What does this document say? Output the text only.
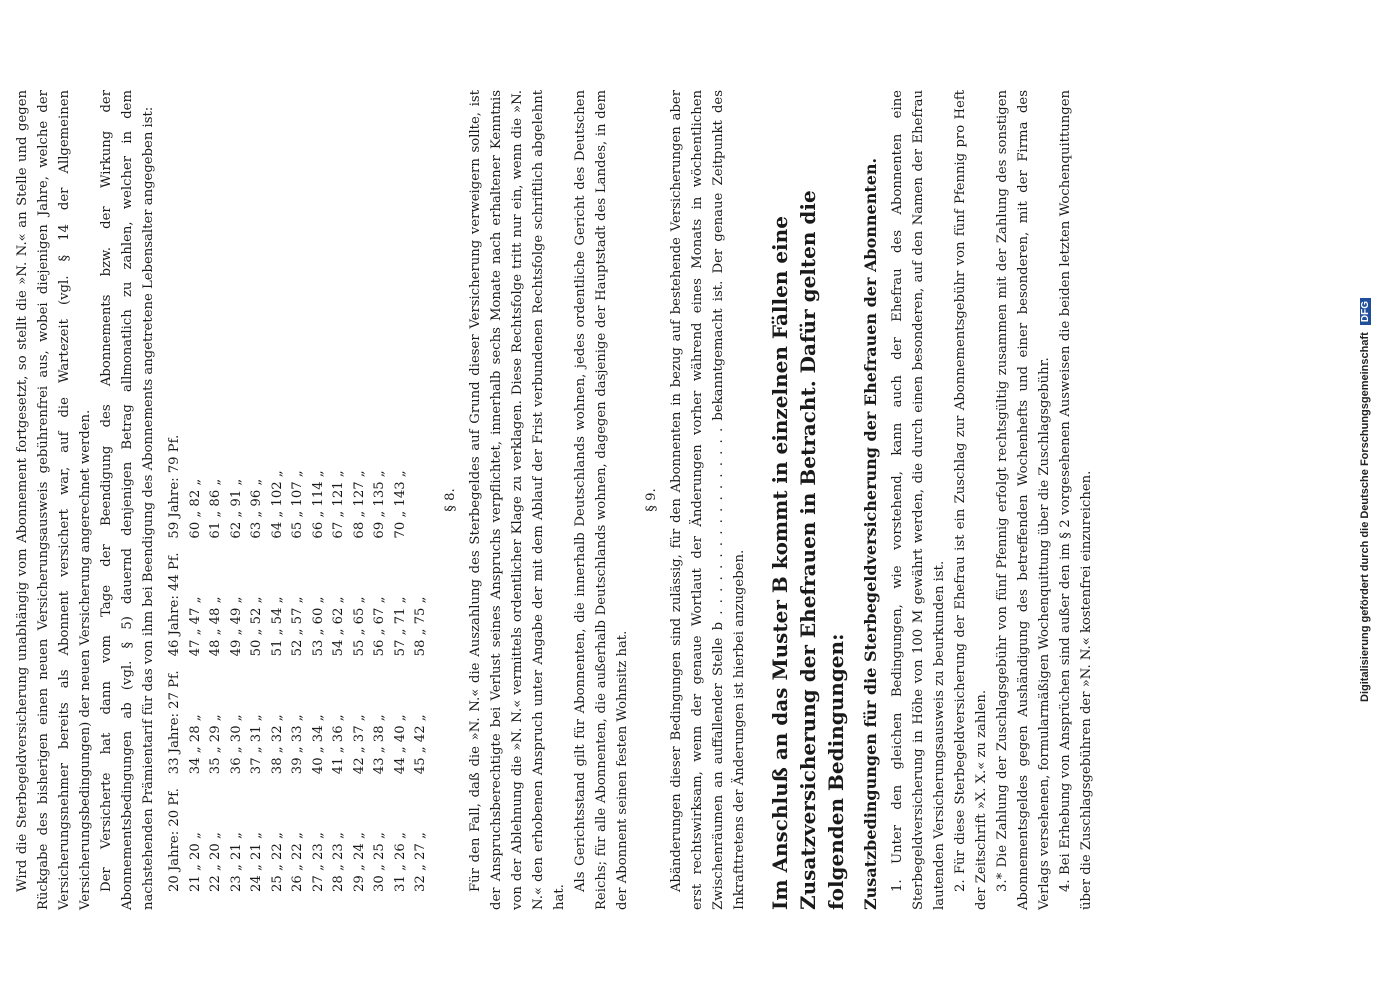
Wird die Sterbegeldversicherung unabhängig vom Abonnement fortgesetzt, so stellt die »N. N.« an Stelle und gegen Rückgabe des bisherigen einen neuen Versicherungsausweis gebührenfrei aus, wobei diejenigen Jahre, welche der Versicherungsnehmer bereits als Abonnent versichert war, auf die Wartezeit (vgl. § 14 der Allgemeinen Versicherungsbedingungen) der neuen Versicherung angerechnet werden. Der Versicherte hat dann vom Tage der Beendigung des Abonnements bzw. der Wirkung der Abonnementsbedingungen ab (vgl. § 5) dauernd denjenigen Betrag allmonatlich zu zahlen, welcher in dem nachstehenden Prämientarif für das von ihm bei Beendigung des Abonnements angetretene Lebensalter angegeben ist: 20 Jahre: 20 Pf.	33 Jahre: 27 Pf.	46 Jahre: 44 Pf.	59 Jahre: 79 Pf.
21 „ 20 „	34 „ 28 „	47 „ 47 „	60 „ 82 „
22 „ 20 „	35 „ 29 „	48 „ 48 „	61 „ 86 „
23 „ 21 „	36 „ 30 „	49 „ 49 „	62 „ 91 „
24 „ 21 „	37 „ 31 „	50 „ 52 „	63 „ 96 „
25 „ 22 „	38 „ 32 „	51 „ 54 „	64 „ 102 „
26 „ 22 „	39 „ 33 „	52 „ 57 „	65 „ 107 „
27 „ 23 „	40 „ 34 „	53 „ 60 „	66 „ 114 „
28 „ 23 „	41 „ 36 „	54 „ 62 „	67 „ 121 „
29 „ 24 „	42 „ 37 „	55 „ 65 „	68 „ 127 „
30 „ 25 „	43 „ 38 „	56 „ 67 „	69 „ 135 „
31 „ 26 „	44 „ 40 „	57 „ 71 „	70 „ 143 „
32 „ 27 „	45 „ 42 „	58 „ 75 „	
§ 8. Für den Fall, daß die »N. N.« die Auszahlung des Sterbegeldes auf Grund dieser Versicherung verweigern sollte, ist der Anspruchsberechtigte bei Verlust seines Anspruchs verpflichtet, innerhalb sechs Monate nach erhaltener Kenntnis von der Ablehnung die »N. N.« vermittels ordentlicher Klage zu verklagen. Diese Rechtsfolge tritt nur ein, wenn die »N. N.« den erhobenen Anspruch unter Angabe der mit dem Ablauf der Frist verbundenen Rechtsfolge schriftlich abgelehnt hat.

Als Gerichtsstand gilt für Abonnenten, die innerhalb Deutschlands wohnen, jedes ordentliche Gericht des Deutschen Reichs; für alle Abonnenten, die außerhalb Deutschlands wohnen, dagegen dasjenige der Hauptstadt des Landes, in dem der Abonnent seinen festen Wohnsitz hat.

§ 9. Abänderungen dieser Bedingungen sind zulässig, für den Abonnenten in bezug auf bestehende Versicherungen aber erst rechtswirksam, wenn der genaue Wortlaut der Änderungen vorher während eines Monats in wöchentlichen Zwischenräumen an auffallender Stelle b . . . . . . . . . . . . . . . . . bekanntgemacht ist. Der genaue Zeitpunkt des Inkrafttretens der Änderungen ist hierbei anzugeben. Im Anschluß an das Muster B kommt in einzelnen Fällen eine Zusatzversicherung der Ehefrauen in Betracht. Dafür gelten die folgenden Bedingungen: Zusatzbedingungen für die Sterbegeldversicherung der Ehefrauen der Abonnenten. 1. Unter den gleichen Bedingungen, wie vorstehend, kann auch der Ehefrau des Abonnenten eine Sterbegeldversicherung in Höhe von 100 M gewährt werden, die durch einen besonderen, auf den Namen der Ehefrau lautenden Versicherungsausweis zu beurkunden ist. 2. Für diese Sterbegeldversicherung der Ehefrau ist ein Zuschlag zur Abonnementsgebühr von fünf Pfennig pro Heft der Zeitschrift »X. X.« zu zahlen. 3.* Die Zahlung der Zuschlagsgebühr von fünf Pfennig erfolgt rechtsgültig zusammen mit der Zahlung des sonstigen Abonnementsgeldes gegen Aushändigung des betreffenden Wochenhefts und einer besonderen, mit der Firma des Verlags versehenen, formularmäßigen Wochenquittung über die Zuschlagsgebühr. 4. Bei Erhebung von Ansprüchen sind außer den im § 2 vorgesehenen Ausweisen die beiden letzten Wochenquittungen über die Zuschlagsgebühren der »N. N.« kostenfrei einzureichen.	Digitalisierung gefördert durch die Deutsche Forschungsgemeinschaft DFG
